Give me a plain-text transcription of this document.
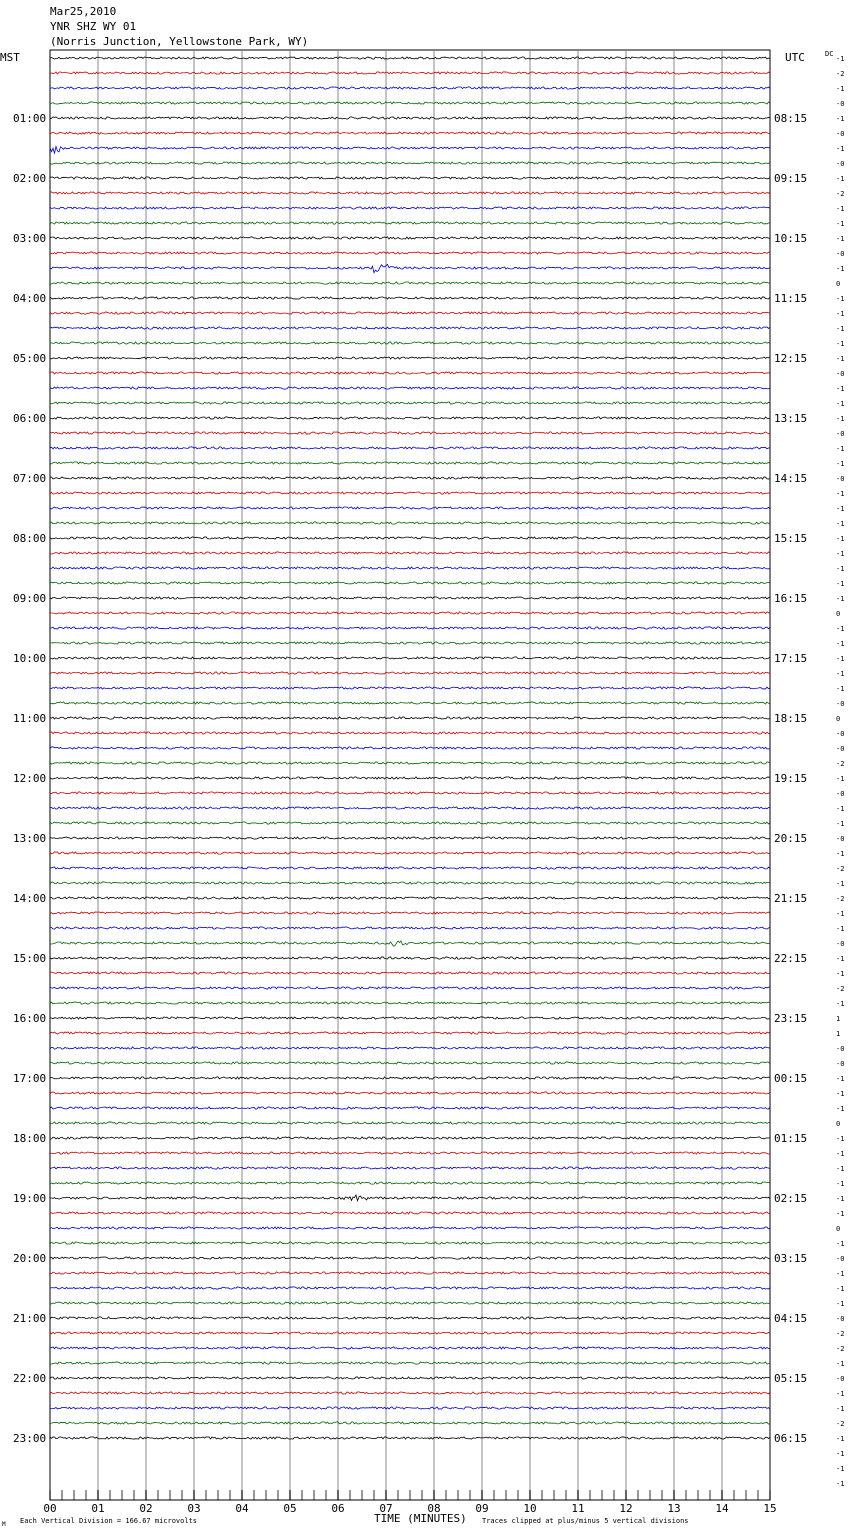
Mar25,2010
YNR SHZ WY 01
(Norris Junction, Yellowstone Park, WY)
01:00
02:00
03:00
04:00
05:00
06:00
07:00
08:00
09:00
10:00
11:00
12:00
13:00
14:00
15:00
16:00
17:00
18:00
19:00
20:00
21:00
22:00
23:00
08:15
09:15
10:15
11:15
12:15
13:15
14:15
15:15
16:15
17:15
18:15
19:15
20:15
21:15
22:15
23:15
00:15
01:15
02:15
03:15
04:15
05:15
06:15
-1
-2
-1
-0
-1
-0
-1
-0
-1
-2
-1
-1
-1
-0
-1
0
-1
-1
-1
-1
-1
-0
-1
-1
-1
-0
-1
-1
-0
-1
-1
-1
-1
-1
-1
-1
-1
0
-1
-1
-1
-1
-1
-0
0
-0
-0
-2
-1
-0
-1
-1
-0
-1
-2
-1
-2
-1
-1
-0
-1
-1
-2
-1
1
1
-0
-0
-1
-1
-1
0
-1
-1
-1
-1
-1
-1
0
-1
-0
-1
-1
-1
-0
-2
-2
-1
-0
-1
-1
-2
-1
-1
-1
-1
00	01	02	03	04	05	06	07	08	09	10	11	12	13	14	15
MST	UTC	DC
TIME (MINUTES)
Each Vertical Division = 166.67 microvolts	Traces clipped at plus/minus 5 vertical divisions
M
